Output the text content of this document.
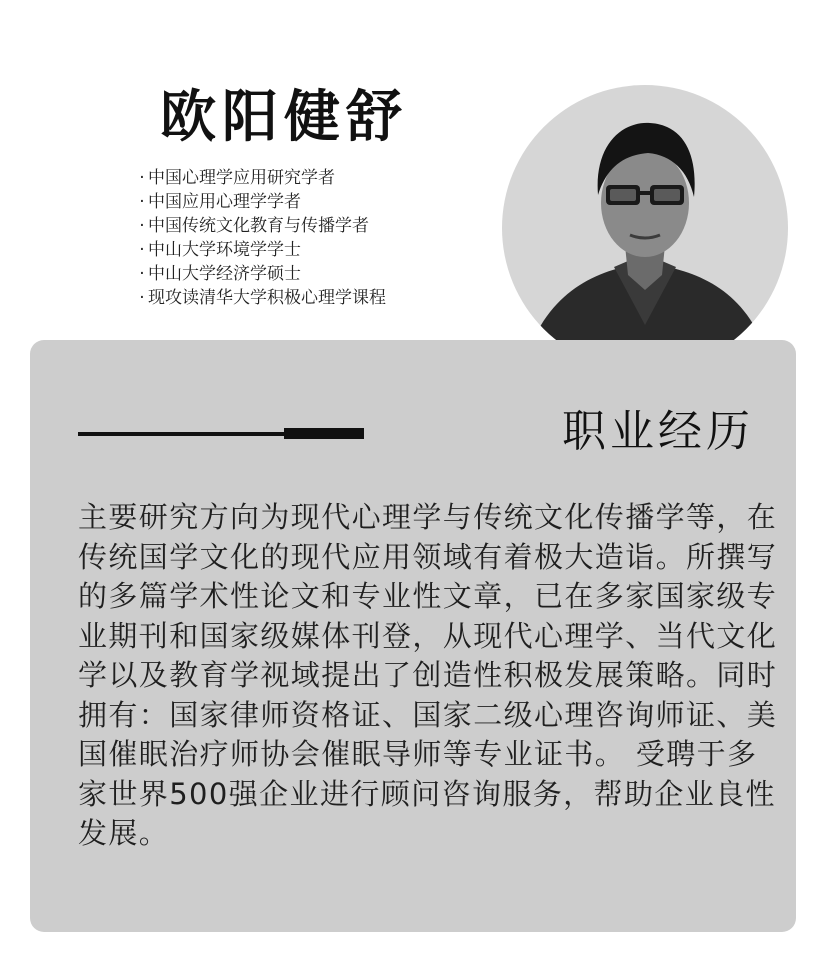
欧阳健舒
· 中国心理学应用研究学者
· 中国应用心理学学者
· 中国传统文化教育与传播学者
· 中山大学环境学学士
· 中山大学经济学硕士
· 现攻读清华大学积极心理学课程
职业经历

主要研究方向为现代心理学与传统文化传播学等，在传统国学文化的现代应用领域有着极大造诣。所撰写的多篇学术性论文和专业性文章，已在多家国家级专业期刊和国家级媒体刊登，从现代心理学、当代文化学以及教育学视域提出了创造性积极发展策略。同时拥有：国家律师资格证、国家二级心理咨询师证、美国催眠治疗师协会催眠导师等专业证书。 受聘于多家世界500强企业进行顾问咨询服务，帮助企业良性发展。
